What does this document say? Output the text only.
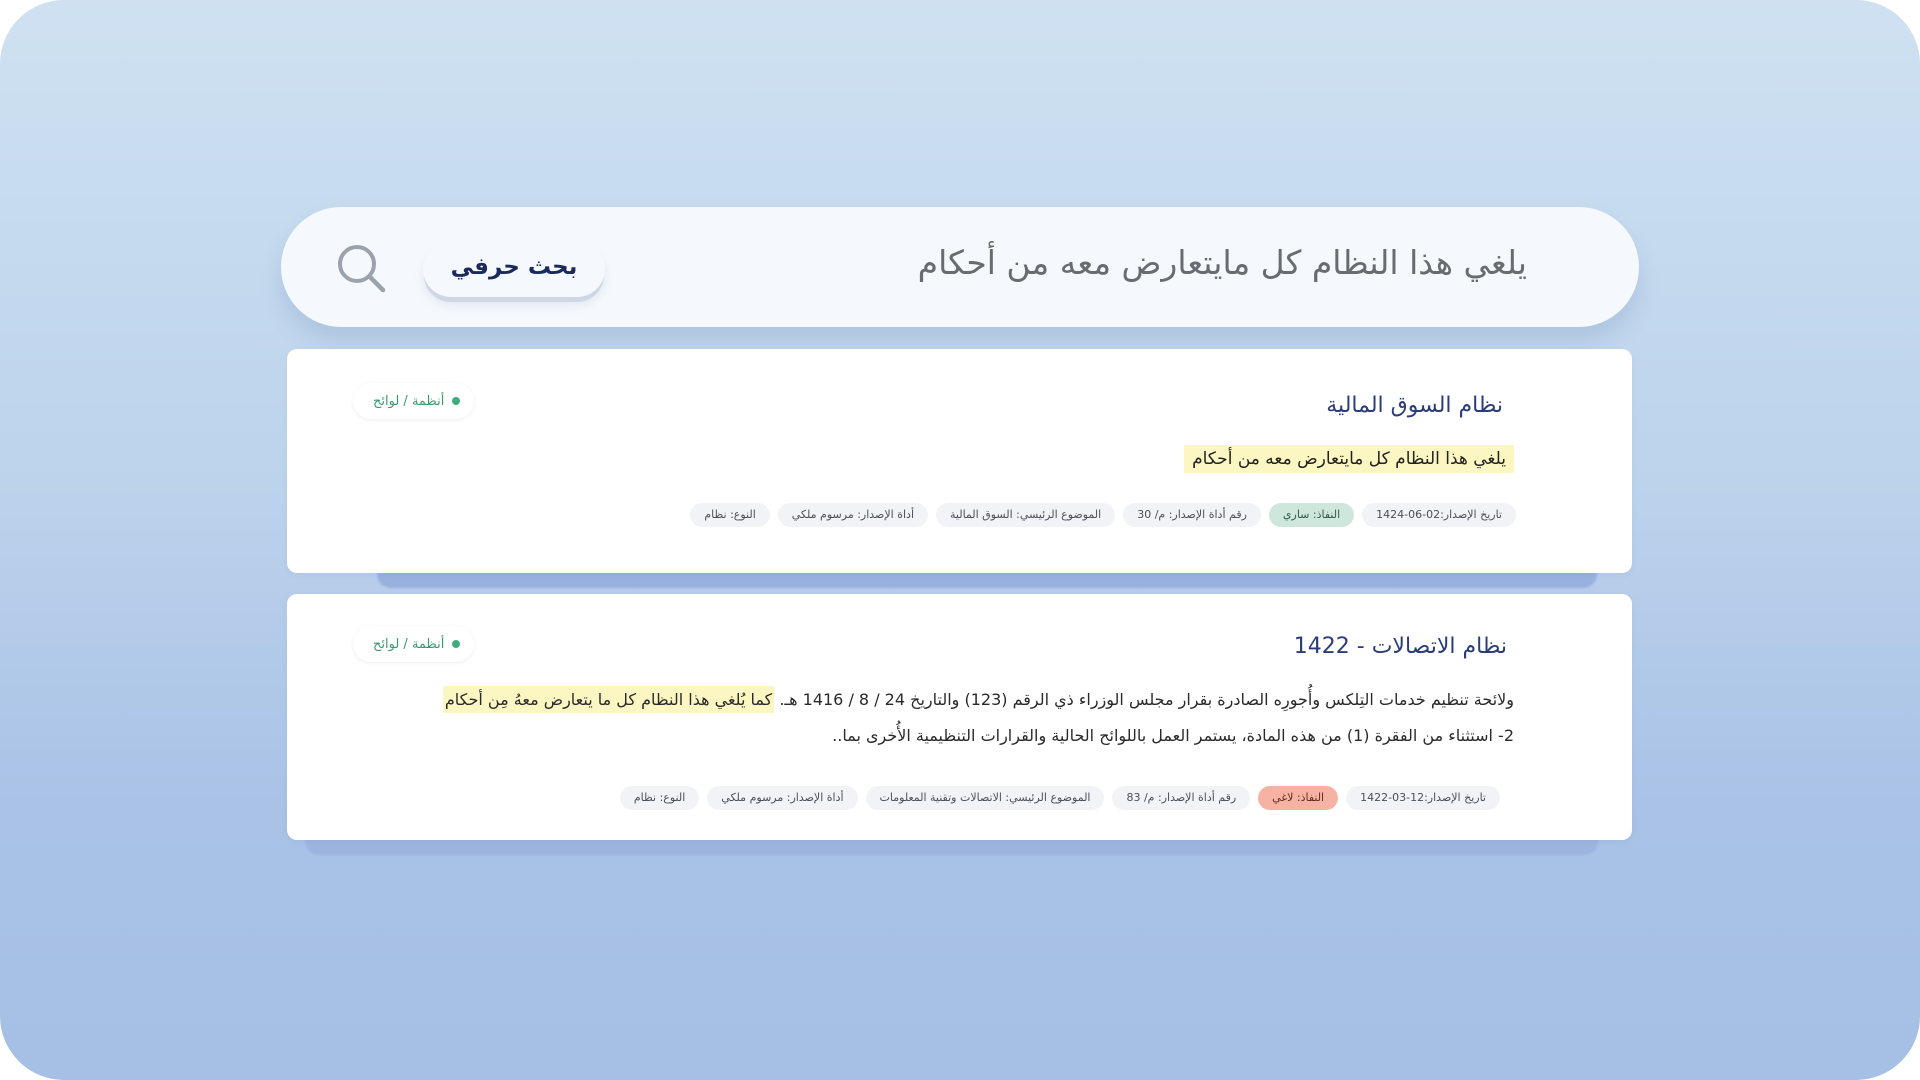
يلغي هذا النظام كل مايتعارض معه من أحكام
بحث حرفي
نظام السوق المالية
أنظمة / لوائح
يلغي هذا النظام كل مايتعارض معه من أحكام
النوع: نظام	أداة الإصدار: مرسوم ملكي	الموضوع الرئيسي: السوق المالية	رقم أداة الإصدار: م/ 30	النفاذ: ساري	تاريخ الإصدار:02-06-1424
نظام الاتصالات - 1422
أنظمة / لوائح
ولائحة تنظيم خدمات التِلكس وأُجورِه الصادرة بقرار مجلس الوزراء ذي الرقم (123) والتاريخ 24 / 8 / 1416 هـ. كما يُلغي هذا النظام كل ما يتعارض معهُ مِن أحكام
2- استثناء من الفقرة (1) من هذه المادة، يستمر العمل باللوائح الحالية والقرارات التنظيمية الأُخرى بما..
النوع: نظام	أداة الإصدار: مرسوم ملكي	الموضوع الرئيسي: الاتصالات وتقنية المعلومات	رقم أداة الإصدار: م/ 83	النفاذ: لاغي	تاريخ الإصدار:12-03-1422
